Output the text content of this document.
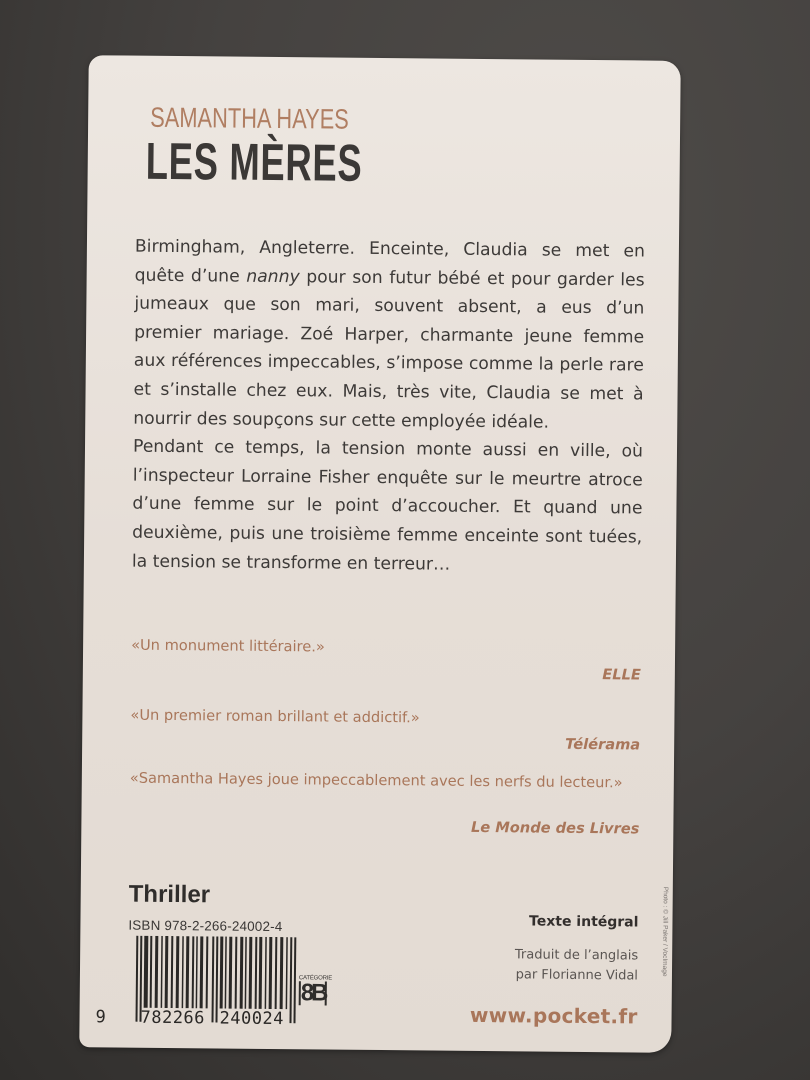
SAMANTHA HAYES
LES MÈRES

Birmingham, Angleterre. Enceinte, Claudia se met en quête d’une nanny pour son futur bébé et pour garder les jumeaux que son mari, souvent absent, a eus d’un premier mariage. Zoé Harper, charmante jeune femme aux références impeccables, s’impose comme la perle rare et s’installe chez eux. Mais, très vite, Claudia se met à nourrir des soupçons sur cette employée idéale.

Pendant ce temps, la tension monte aussi en ville, où l’inspecteur Lorraine Fisher enquête sur le meurtre atroce d’une femme sur le point d’accoucher. Et quand une deuxième, puis une troisième femme enceinte sont tuées, la tension se transforme en terreur…

«Un monument littéraire.»
ELLE
«Un premier roman brillant et addictif.»
Télérama
«Samantha Hayes joue impeccablement avec les nerfs du lecteur.»
Le Monde des Livres
Thriller
ISBN 978-2-266-24002-4
9 782266 240024
CATÉGORIE
8B
Texte intégral
Traduit de l’anglais
par Florianne Vidal
www.pocket.fr
Photo : © Jill Paker / VocImage
